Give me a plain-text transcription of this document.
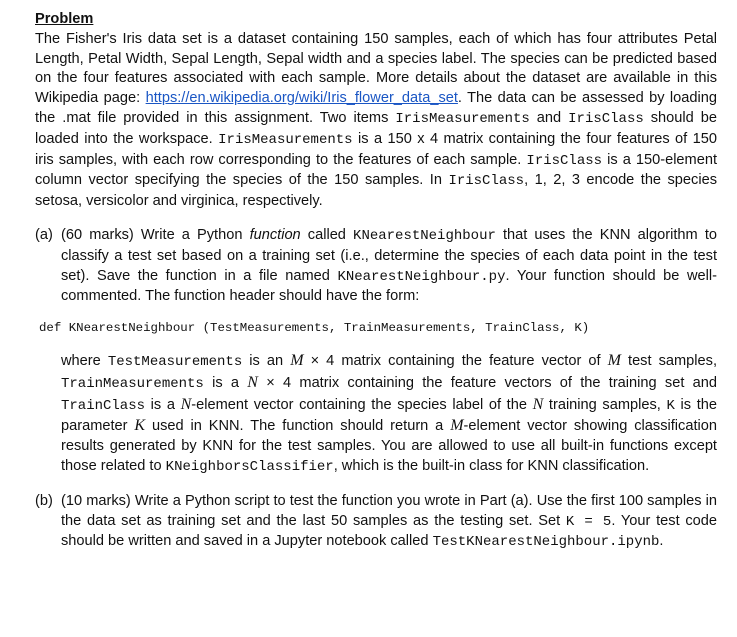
Problem
The Fisher's Iris data set is a dataset containing 150 samples, each of which has four attributes Petal Length, Petal Width, Sepal Length, Sepal width and a species label. The species can be predicted based on the four features associated with each sample. More details about the dataset are available in this Wikipedia page: https://en.wikipedia.org/wiki/Iris_flower_data_set. The data can be assessed by loading the .mat file provided in this assignment. Two items IrisMeasurements and IrisClass should be loaded into the workspace. IrisMeasurements is a 150 x 4 matrix containing the four features of 150 iris samples, with each row corresponding to the features of each sample. IrisClass is a 150-element column vector specifying the species of the 150 samples. In IrisClass, 1, 2, 3 encode the species setosa, versicolor and virginica, respectively.
(a) (60 marks) Write a Python function called KNearestNeighbour that uses the KNN algorithm to classify a test set based on a training set (i.e., determine the species of each data point in the test set). Save the function in a file named KNearestNeighbour.py. Your function should be well-commented. The function header should have the form:
def KNearestNeighbour (TestMeasurements, TrainMeasurements, TrainClass, K)
where TestMeasurements is an M × 4 matrix containing the feature vector of M test samples, TrainMeasurements is a N × 4 matrix containing the feature vectors of the training set and TrainClass is a N-element vector containing the species label of the N training samples, K is the parameter K used in KNN. The function should return a M-element vector showing classification results generated by KNN for the test samples. You are allowed to use all built-in functions except those related to KNeighborsClassifier, which is the built-in class for KNN classification.
(b) (10 marks) Write a Python script to test the function you wrote in Part (a). Use the first 100 samples in the data set as training set and the last 50 samples as the testing set. Set K = 5. Your test code should be written and saved in a Jupyter notebook called TestKNearestNeighbour.ipynb.
